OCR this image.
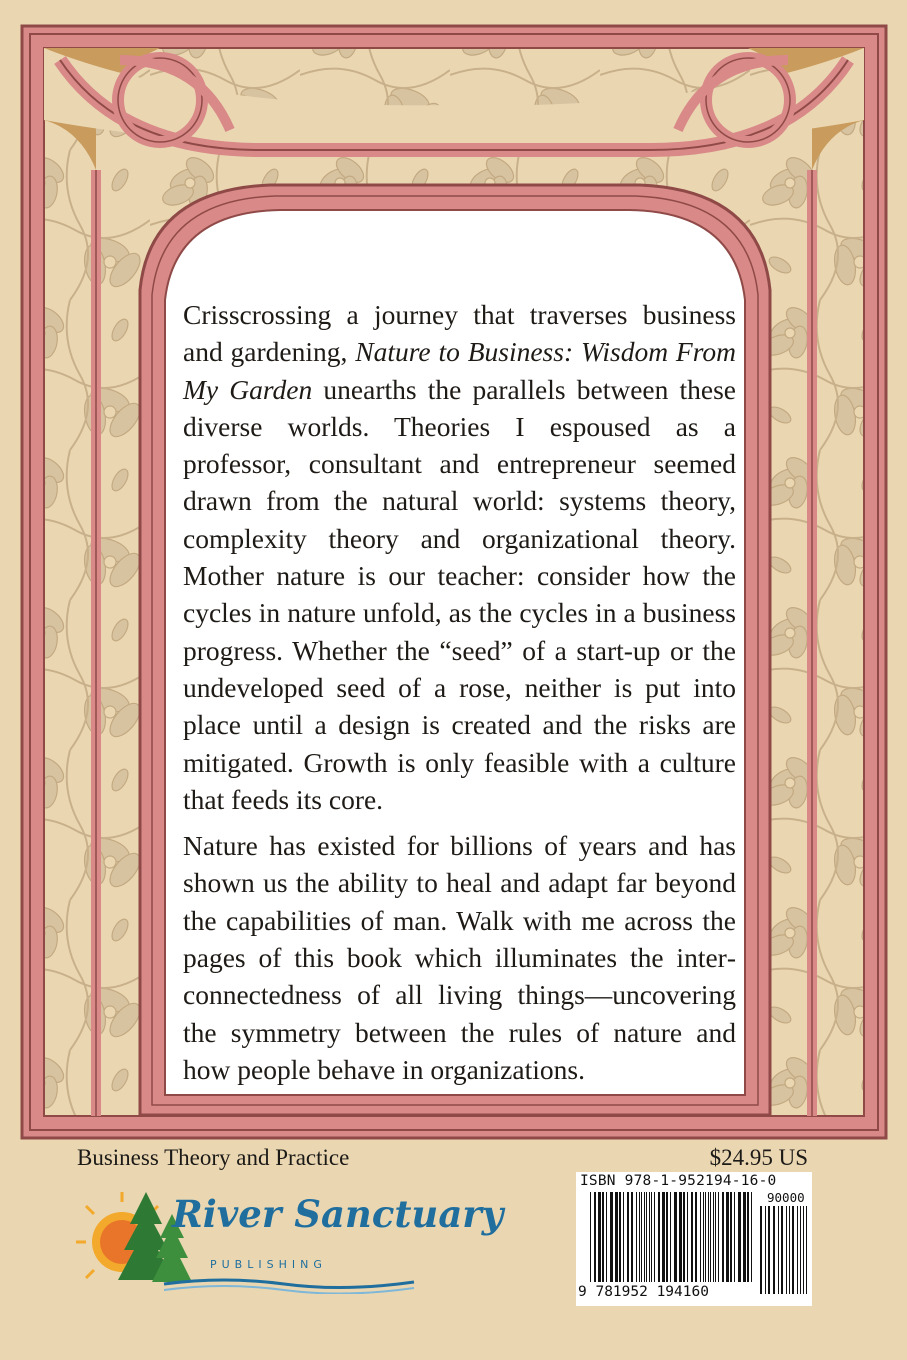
Crisscrossing a journey that traverses business and gardening, Nature to Business: Wisdom From My Garden unearths the parallels between these diverse worlds. Theories I espoused as a professor, consultant and entrepreneur seemed drawn from the natural world: systems theory, complexity theory and organizational theory. Mother nature is our teacher: consider how the cycles in nature unfold, as the cycles in a business progress. Whether the “seed” of a start-up or the undeveloped seed of a rose, neither is put into place until a design is created and the risks are mitigated. Growth is only feasible with a culture that feeds its core.

Nature has existed for billions of years and has shown us the ability to heal and adapt far beyond the capabilities of man. Walk with me across the pages of this book which illuminates the interconnectedness of all living things—uncovering the symmetry between the rules of nature and how people behave in organizations.

Business Theory and Practice	$24.95 US
River Sanctuary
PUBLISHING
ISBN 978-1-952194-16-0
90000
9 781952 194160
